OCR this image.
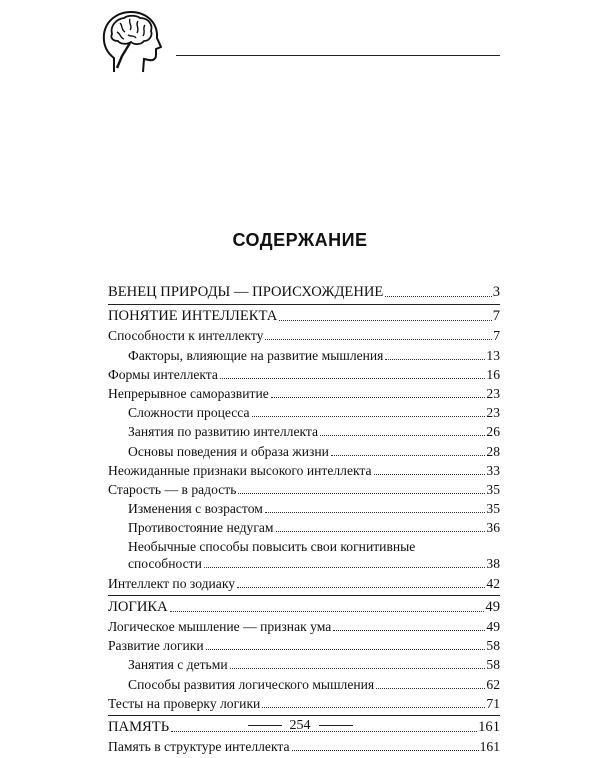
СОДЕРЖАНИЕ
ВЕНЕЦ ПРИРОДЫ — ПРОИСХОЖДЕНИЕ	3
ПОНЯТИЕ ИНТЕЛЛЕКТА	7
Способности к интеллекту	7
Факторы, влияющие на развитие мышления	13
Формы интеллекта	16
Непрерывное саморазвитие	23
Сложности процесса	23
Занятия по развитию интеллекта	26
Основы поведения и образа жизни	28
Неожиданные признаки высокого интеллекта	33
Старость — в радость	35
Изменения с возрастом	35
Противостояние недугам	36
Необычные способы повысить свои когнитивные
способности	38
Интеллект по зодиаку	42
ЛОГИКА	49
Логическое мышление — признак ума	49
Развитие логики	58
Занятия с детьми	58
Способы развития логического мышления	62
Тесты на проверку логики	71
ПАМЯТЬ	161
Память в структуре интеллекта	161
254
